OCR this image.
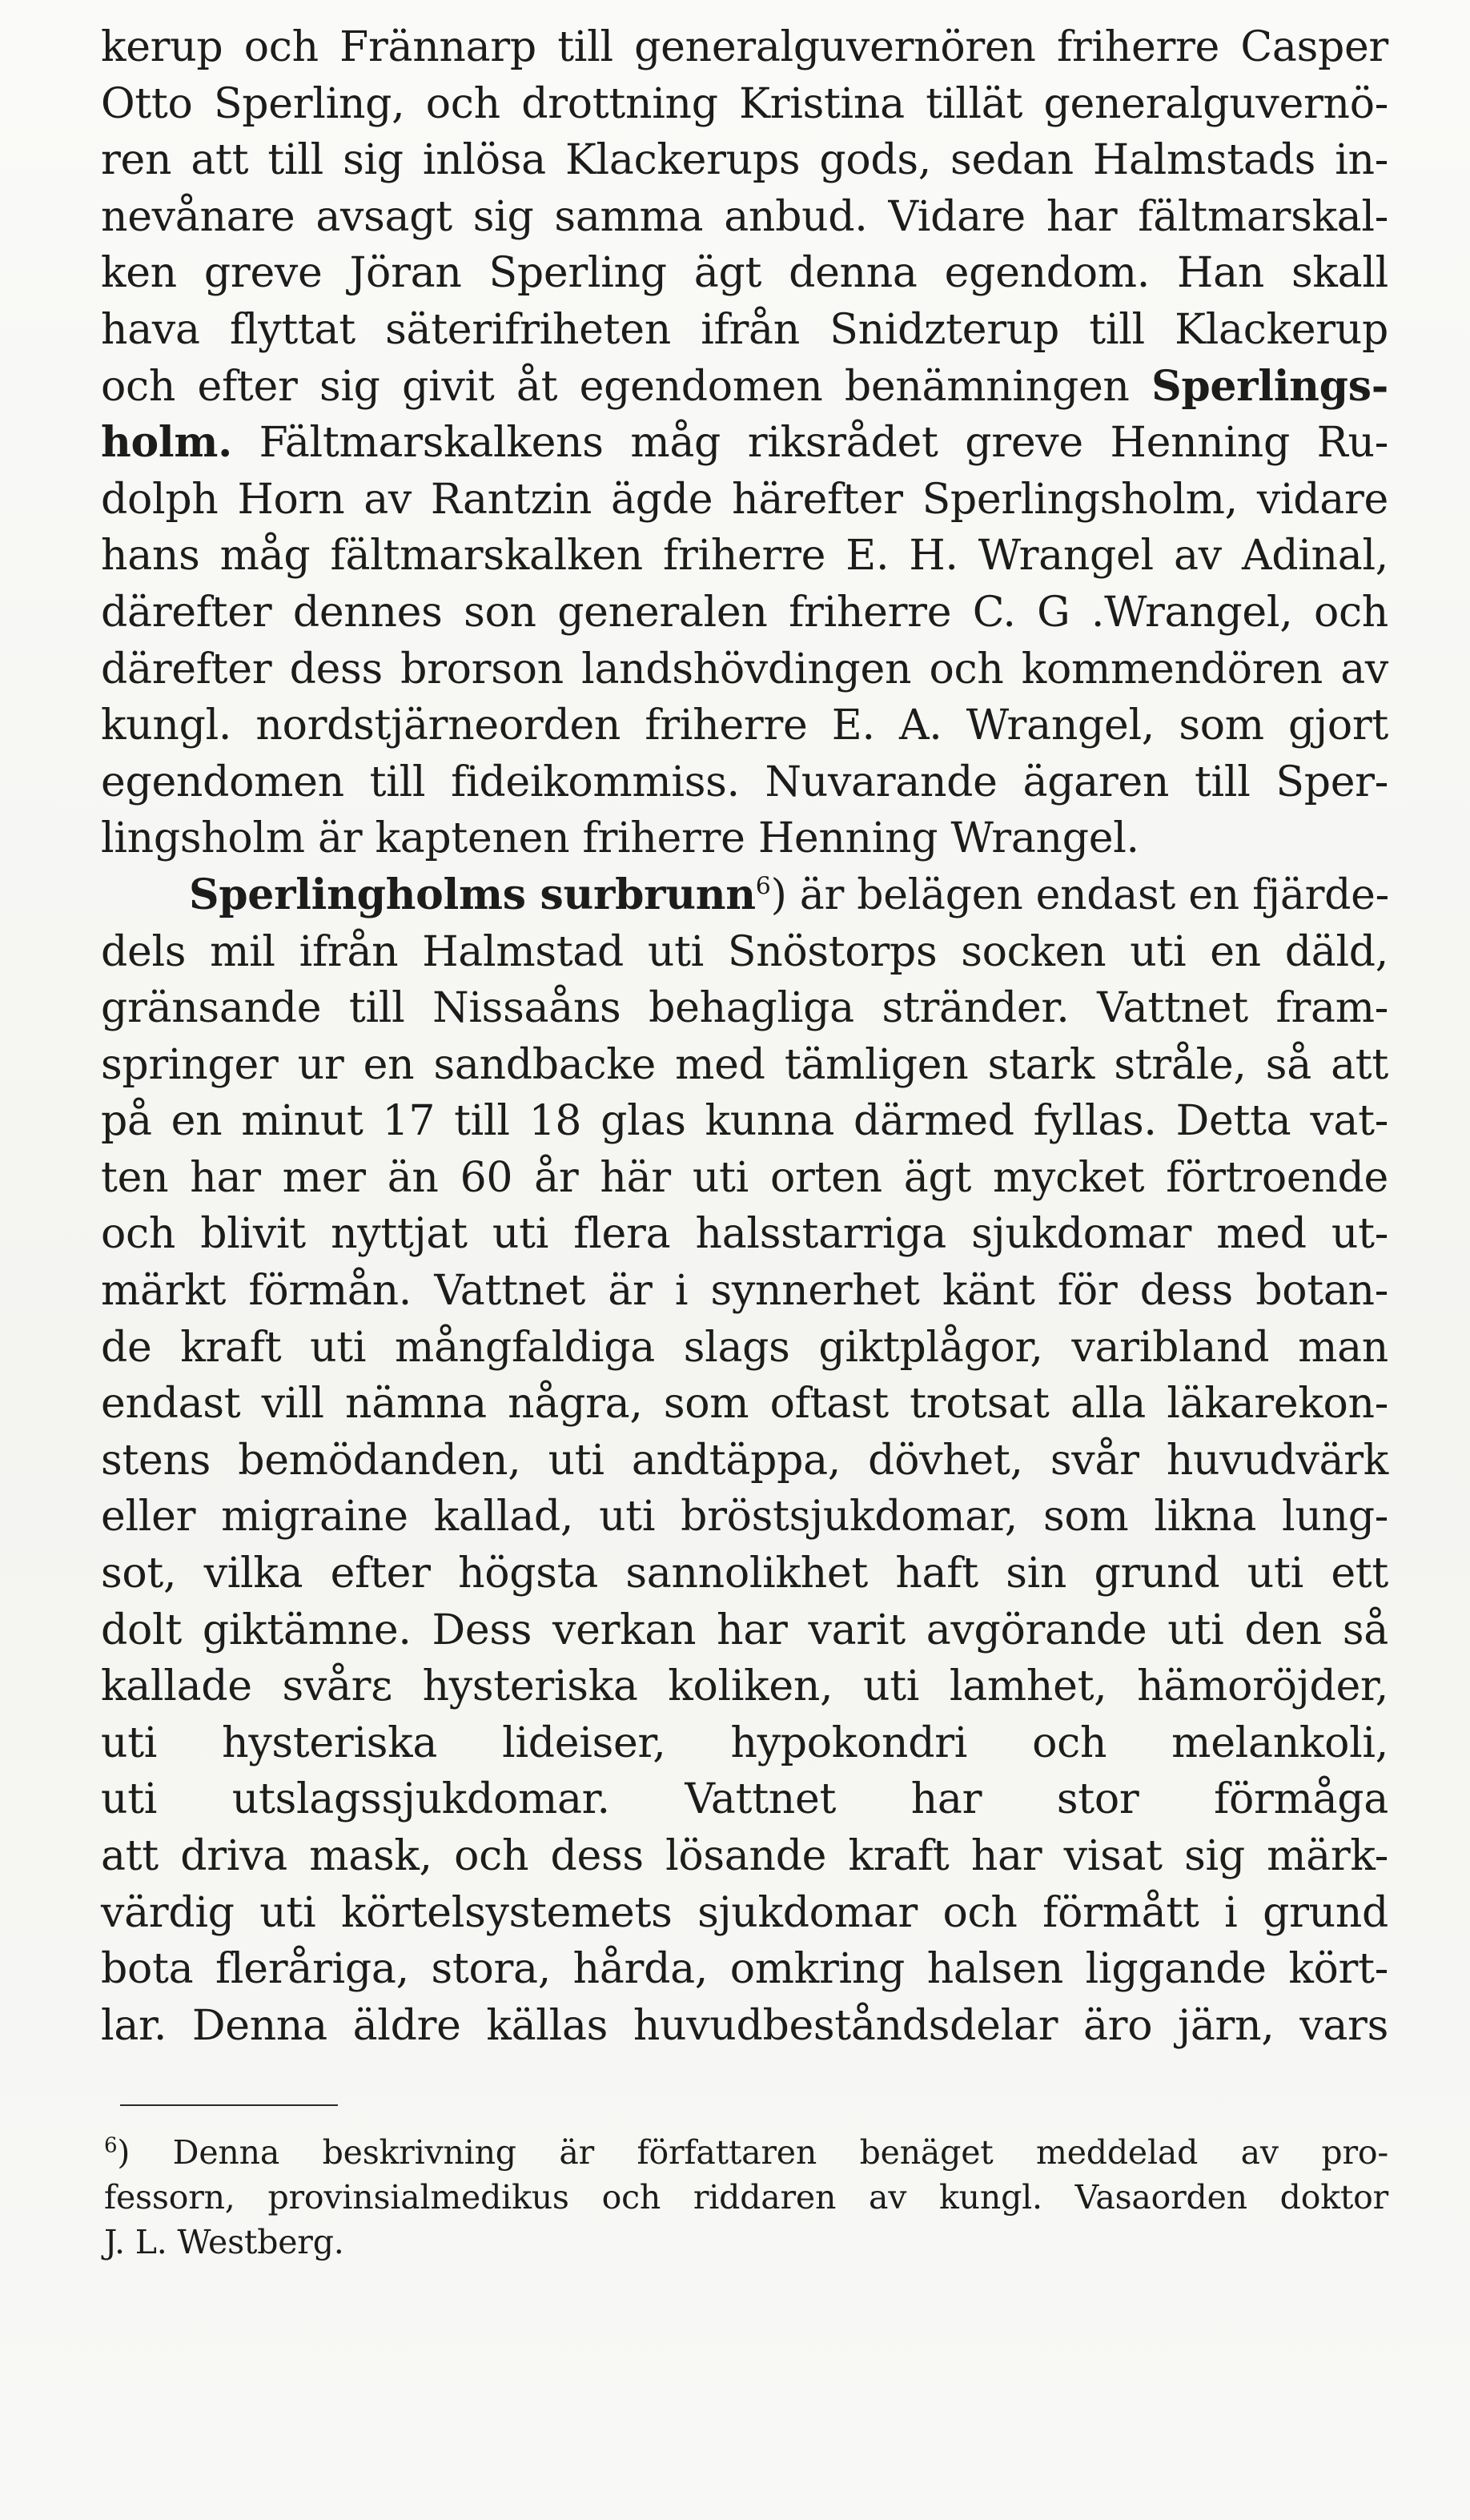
kerup och Frännarp till generalguvernören friherre Casper
Otto Sperling, och drottning Kristina tillät generalguvernö-
ren att till sig inlösa Klackerups gods, sedan Halmstads in-
nevånare avsagt sig samma anbud. Vidare har fältmarskal-
ken greve Jöran Sperling ägt denna egendom. Han skall
hava flyttat säterifriheten ifrån Snidzterup till Klackerup
och efter sig givit åt egendomen benämningen Sperlings-
holm. Fältmarskalkens måg riksrådet greve Henning Ru-
dolph Horn av Rantzin ägde härefter Sperlingsholm, vidare
hans måg fältmarskalken friherre E. H. Wrangel av Adinal,
därefter dennes son generalen friherre C. G .Wrangel, och
därefter dess brorson landshövdingen och kommendören av
kungl. nordstjärneorden friherre E. A. Wrangel, som gjort
egendomen till fideikommiss. Nuvarande ägaren till Sper-
lingsholm är kaptenen friherre Henning Wrangel.
Sperlingholms surbrunn$^6$) är belägen endast en fjärde-
dels mil ifrån Halmstad uti Snöstorps socken uti en däld,
gränsande till Nissaåns behagliga stränder. Vattnet fram-
springer ur en sandbacke med tämligen stark stråle, så att
på en minut 17 till 18 glas kunna därmed fyllas. Detta vat-
ten har mer än 60 år här uti orten ägt mycket förtroende
och blivit nyttjat uti flera halsstarriga sjukdomar med ut-
märkt förmån. Vattnet är i synnerhet känt för dess botan-
de kraft uti mångfaldiga slags giktplågor, varibland man
endast vill nämna några, som oftast trotsat alla läkarekon-
stens bemödanden, uti andtäppa, dövhet, svår huvudvärk
eller migraine kallad, uti bröstsjukdomar, som likna lung-
sot, vilka efter högsta sannolikhet haft sin grund uti ett
dolt giktämne. Dess verkan har varit avgörande uti den så
kallade svårε hysteriska koliken, uti lamhet, hämoröjder,
uti hysteriska lideiser, hypokondri och melankoli,
uti utslagssjukdomar. Vattnet har stor förmåga
att driva mask, och dess lösande kraft har visat sig märk-
värdig uti körtelsystemets sjukdomar och förmått i grund
bota fleråriga, stora, hårda, omkring halsen liggande kört-
lar. Denna äldre källas huvudbeståndsdelar äro järn, vars
$^6$) Denna beskrivning är författaren benäget meddelad av pro-
fessorn, provinsialmedikus och riddaren av kungl. Vasaorden doktor
J. L. Westberg.
